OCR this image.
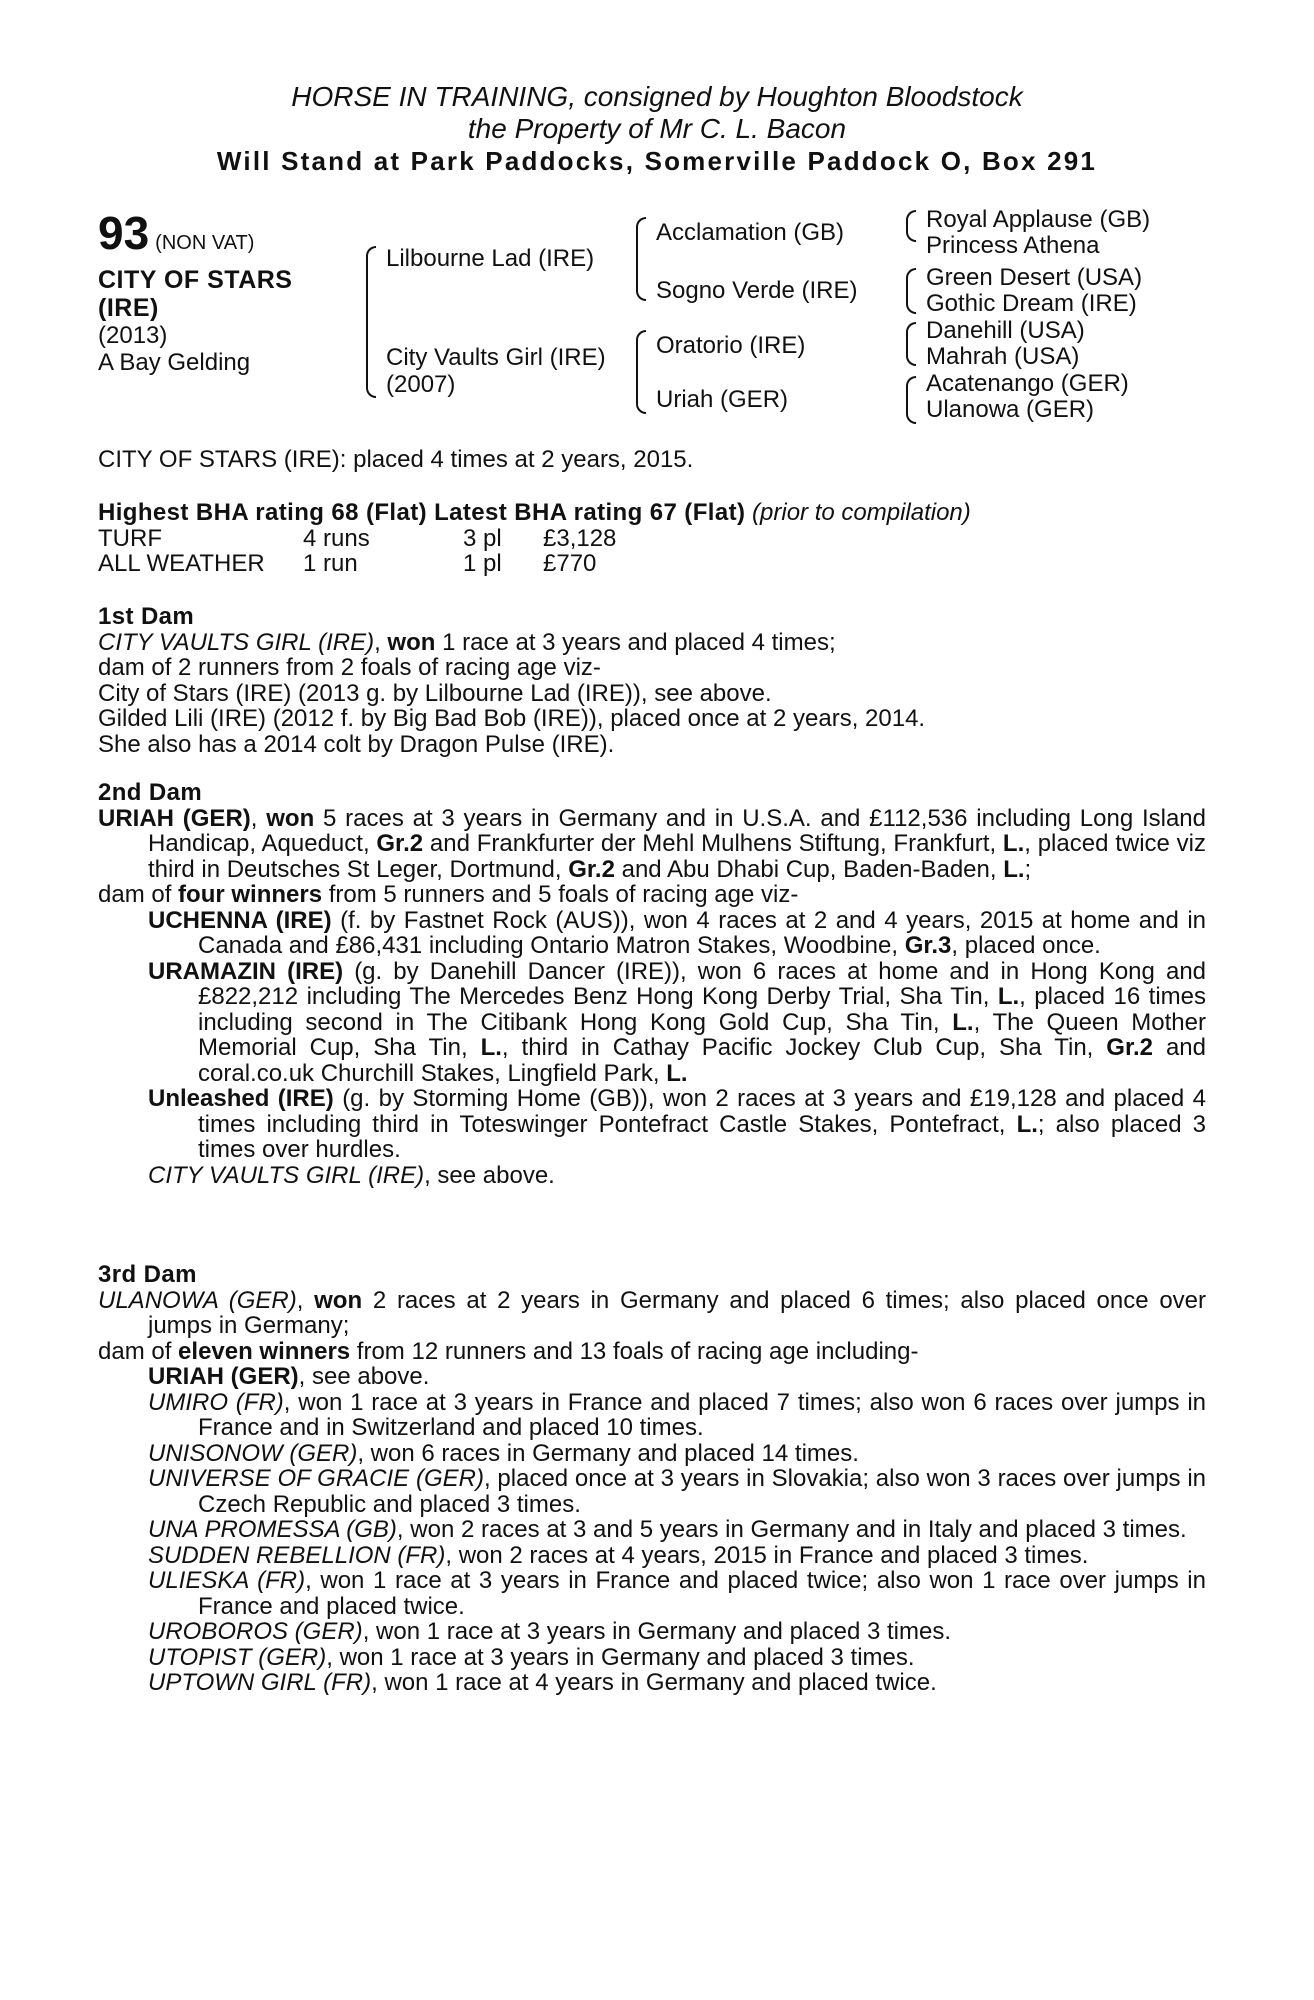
HORSE IN TRAINING, consigned by Houghton Bloodstock
the Property of Mr C. L. Bacon
Will Stand at Park Paddocks, Somerville Paddock O, Box 291
93 (NON VAT)
CITY OF STARS
(IRE)
(2013)
A Bay Gelding
Lilbourne Lad (IRE)
City Vaults Girl (IRE)
(2007)
Acclamation (GB)
Sogno Verde (IRE)
Oratorio (IRE)
Uriah (GER)
Royal Applause (GB)
Princess Athena
Green Desert (USA)
Gothic Dream (IRE)
Danehill (USA)
Mahrah (USA)
Acatenango (GER)
Ulanowa (GER)
CITY OF STARS (IRE): placed 4 times at 2 years, 2015.

Highest BHA rating 68 (Flat) Latest BHA rating 67 (Flat) (prior to compilation)

TURF	4 runs	3 pl	£3,128
ALL WEATHER	1 run	1 pl	£770

1st Dam

CITY VAULTS GIRL (IRE), won 1 race at 3 years and placed 4 times;

dam of 2 runners from 2 foals of racing age viz-

City of Stars (IRE) (2013 g. by Lilbourne Lad (IRE)), see above.

Gilded Lili (IRE) (2012 f. by Big Bad Bob (IRE)), placed once at 2 years, 2014.

She also has a 2014 colt by Dragon Pulse (IRE).

2nd Dam

URIAH (GER), won 5 races at 3 years in Germany and in U.S.A. and £112,536 including Long Island Handicap, Aqueduct, Gr.2 and Frankfurter der Mehl Mulhens Stiftung, Frankfurt, L., placed twice viz third in Deutsches St Leger, Dortmund, Gr.2 and Abu Dhabi Cup, Baden-Baden, L.;

dam of four winners from 5 runners and 5 foals of racing age viz-

UCHENNA (IRE) (f. by Fastnet Rock (AUS)), won 4 races at 2 and 4 years, 2015 at home and in Canada and £86,431 including Ontario Matron Stakes, Woodbine, Gr.3, placed once.

URAMAZIN (IRE) (g. by Danehill Dancer (IRE)), won 6 races at home and in Hong Kong and £822,212 including The Mercedes Benz Hong Kong Derby Trial, Sha Tin, L., placed 16 times including second in The Citibank Hong Kong Gold Cup, Sha Tin, L., The Queen Mother Memorial Cup, Sha Tin, L., third in Cathay Pacific Jockey Club Cup, Sha Tin, Gr.2 and coral.co.uk Churchill Stakes, Lingfield Park, L.

Unleashed (IRE) (g. by Storming Home (GB)), won 2 races at 3 years and £19,128 and placed 4 times including third in Toteswinger Pontefract Castle Stakes, Pontefract, L.; also placed 3 times over hurdles.

CITY VAULTS GIRL (IRE), see above.

3rd Dam

ULANOWA (GER), won 2 races at 2 years in Germany and placed 6 times; also placed once over jumps in Germany;

dam of eleven winners from 12 runners and 13 foals of racing age including-

URIAH (GER), see above.

UMIRO (FR), won 1 race at 3 years in France and placed 7 times; also won 6 races over jumps in France and in Switzerland and placed 10 times.

UNISONOW (GER), won 6 races in Germany and placed 14 times.

UNIVERSE OF GRACIE (GER), placed once at 3 years in Slovakia; also won 3 races over jumps in Czech Republic and placed 3 times.

UNA PROMESSA (GB), won 2 races at 3 and 5 years in Germany and in Italy and placed 3 times.

SUDDEN REBELLION (FR), won 2 races at 4 years, 2015 in France and placed 3 times.

ULIESKA (FR), won 1 race at 3 years in France and placed twice; also won 1 race over jumps in France and placed twice.

UROBOROS (GER), won 1 race at 3 years in Germany and placed 3 times.

UTOPIST (GER), won 1 race at 3 years in Germany and placed 3 times.

UPTOWN GIRL (FR), won 1 race at 4 years in Germany and placed twice.
